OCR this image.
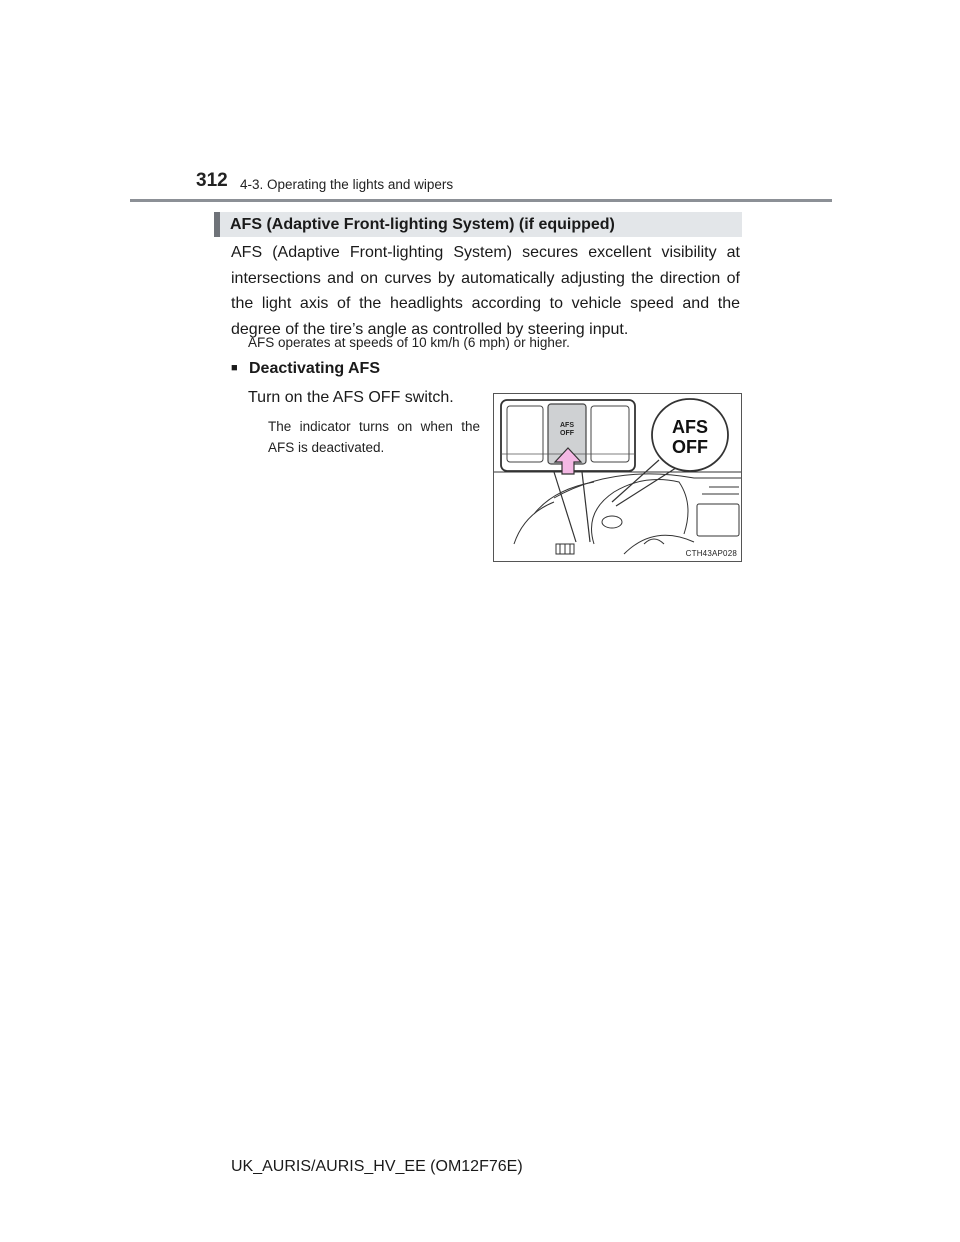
312 4-3. Operating the lights and wipers
AFS (Adaptive Front-lighting System) (if equipped)
AFS (Adaptive Front-lighting System) secures excellent visibility at intersections and on curves by automatically adjusting the direction of the light axis of the headlights according to vehicle speed and the degree of the tire’s angle as controlled by steering input.
AFS operates at speeds of 10 km/h (6 mph) or higher.
■ Deactivating AFS
Turn on the AFS OFF switch.
The indicator turns on when the AFS is deactivated.
AFS
OFF	AFS
OFF
CTH43AP028
UK_AURIS/AURIS_HV_EE (OM12F76E)
